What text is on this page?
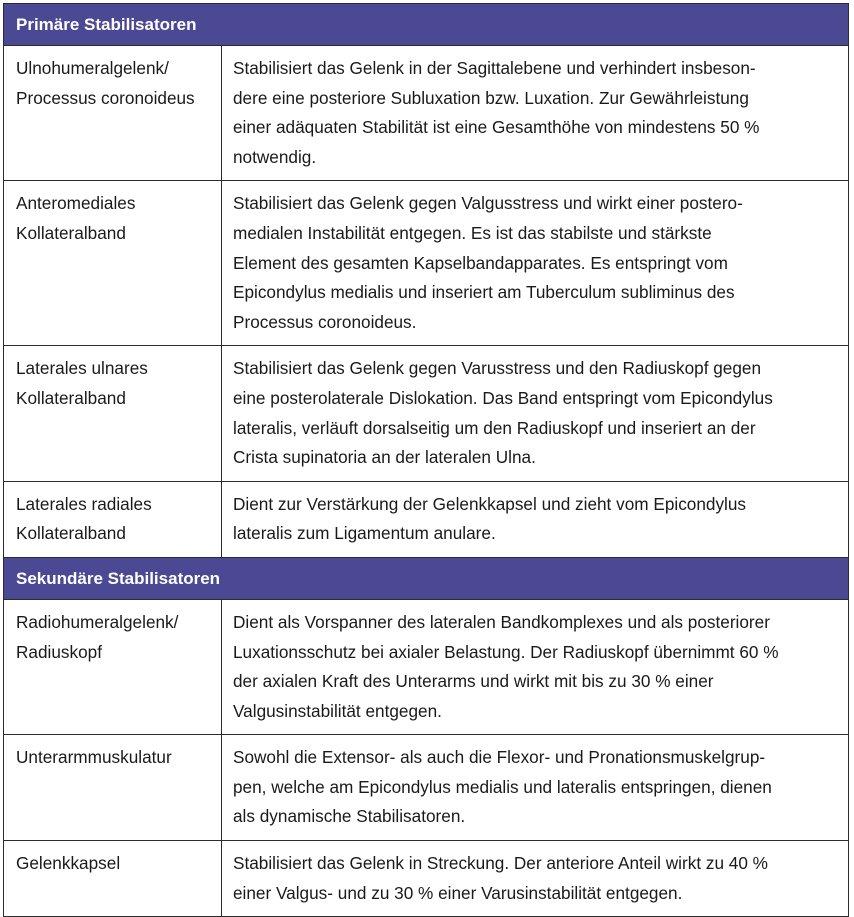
Primäre Stabilisatoren
Ulnohumeralgelenk/
Processus coronoideus
Stabilisiert das Gelenk in der Sagittalebene und verhindert insbeson-
dere eine posteriore Subluxation bzw. Luxation. Zur Gewährleistung
einer adäquaten Stabilität ist eine Gesamthöhe von mindestens 50 %
notwendig.
Anteromediales
Kollateralband
Stabilisiert das Gelenk gegen Valgusstress und wirkt einer postero-
medialen Instabilität entgegen. Es ist das stabilste und stärkste
Element des gesamten Kapselbandapparates. Es entspringt vom
Epicondylus medialis und inseriert am Tuberculum subliminus des
Processus coronoideus.
Laterales ulnares
Kollateralband
Stabilisiert das Gelenk gegen Varusstress und den Radiuskopf gegen
eine posterolaterale Dislokation. Das Band entspringt vom Epicondylus
lateralis, verläuft dorsalseitig um den Radiuskopf und inseriert an der
Crista supinatoria an der lateralen Ulna.
Laterales radiales
Kollateralband
Dient zur Verstärkung der Gelenkkapsel und zieht vom Epicondylus
lateralis zum Ligamentum anulare.
Sekundäre Stabilisatoren
Radiohumeralgelenk/
Radiuskopf
Dient als Vorspanner des lateralen Bandkomplexes und als posteriorer
Luxationsschutz bei axialer Belastung. Der Radiuskopf übernimmt 60 %
der axialen Kraft des Unterarms und wirkt mit bis zu 30 % einer
Valgusinstabilität entgegen.
Unterarmmuskulatur	Sowohl die Extensor- als auch die Flexor- und Pronationsmuskelgrup-
pen, welche am Epicondylus medialis und lateralis entspringen, dienen
als dynamische Stabilisatoren.
Gelenkkapsel	Stabilisiert das Gelenk in Streckung. Der anteriore Anteil wirkt zu 40 %
einer Valgus- und zu 30 % einer Varusinstabilität entgegen.
